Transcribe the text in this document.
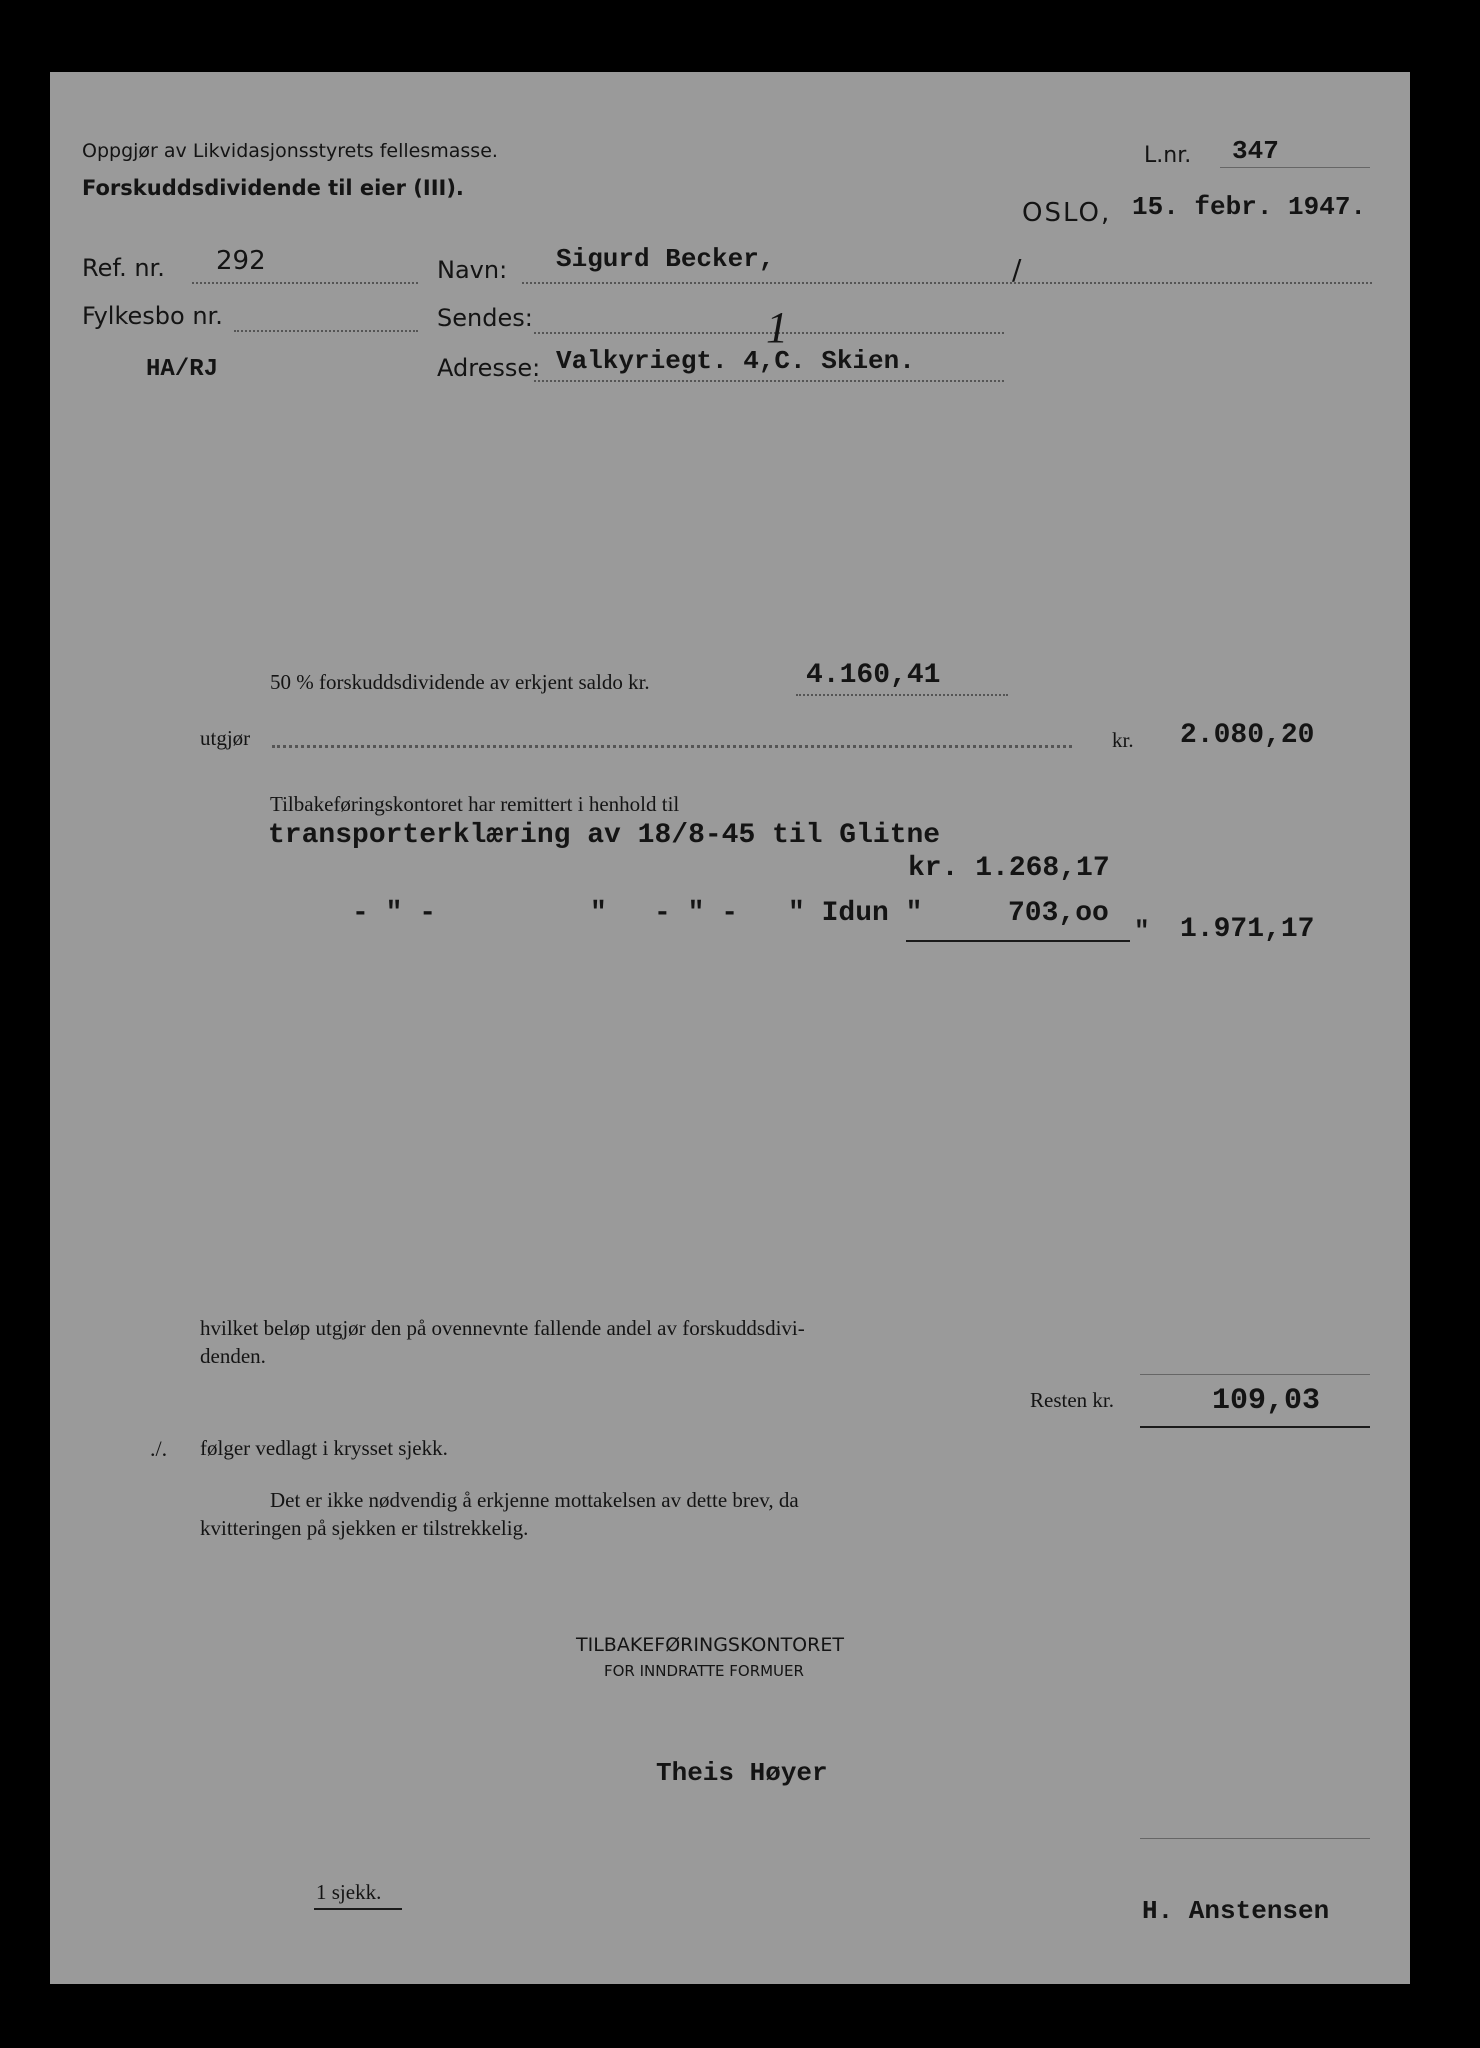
Oppgjør av Likvidasjonsstyrets fellesmasse.
Forskuddsdividende til eier (III).
L.nr. 347
OSLO, 15. febr. 1947.
Ref. nr. 292
Fylkesbo nr.
HA/RJ
Navn: Sigurd Becker,	/
Sendes:
Adresse: Valkyriegt. 4,C. Skien.
1
50 % forskuddsdividende av erkjent saldo kr.	4.160,41
utgjør	kr. 2.080,20
Tilbakeføringskontoret har remittert i henhold til
transporterklæring av 18/8-45 til Glitne
kr. 1.268,17
- " -	" - " - " Idun "	703,oo
" 1.971,17
hvilket beløp utgjør den på ovennevnte fallende andel av forskuddsdivi-
denden.
Resten kr.	109,03
./. følger vedlagt i krysset sjekk.
Det er ikke nødvendig å erkjenne mottakelsen av dette brev, da
kvitteringen på sjekken er tilstrekkelig.
TILBAKEFØRINGSKONTORET
FOR INNDRATTE FORMUER
Theis Høyer
H. Anstensen
1 sjekk.
